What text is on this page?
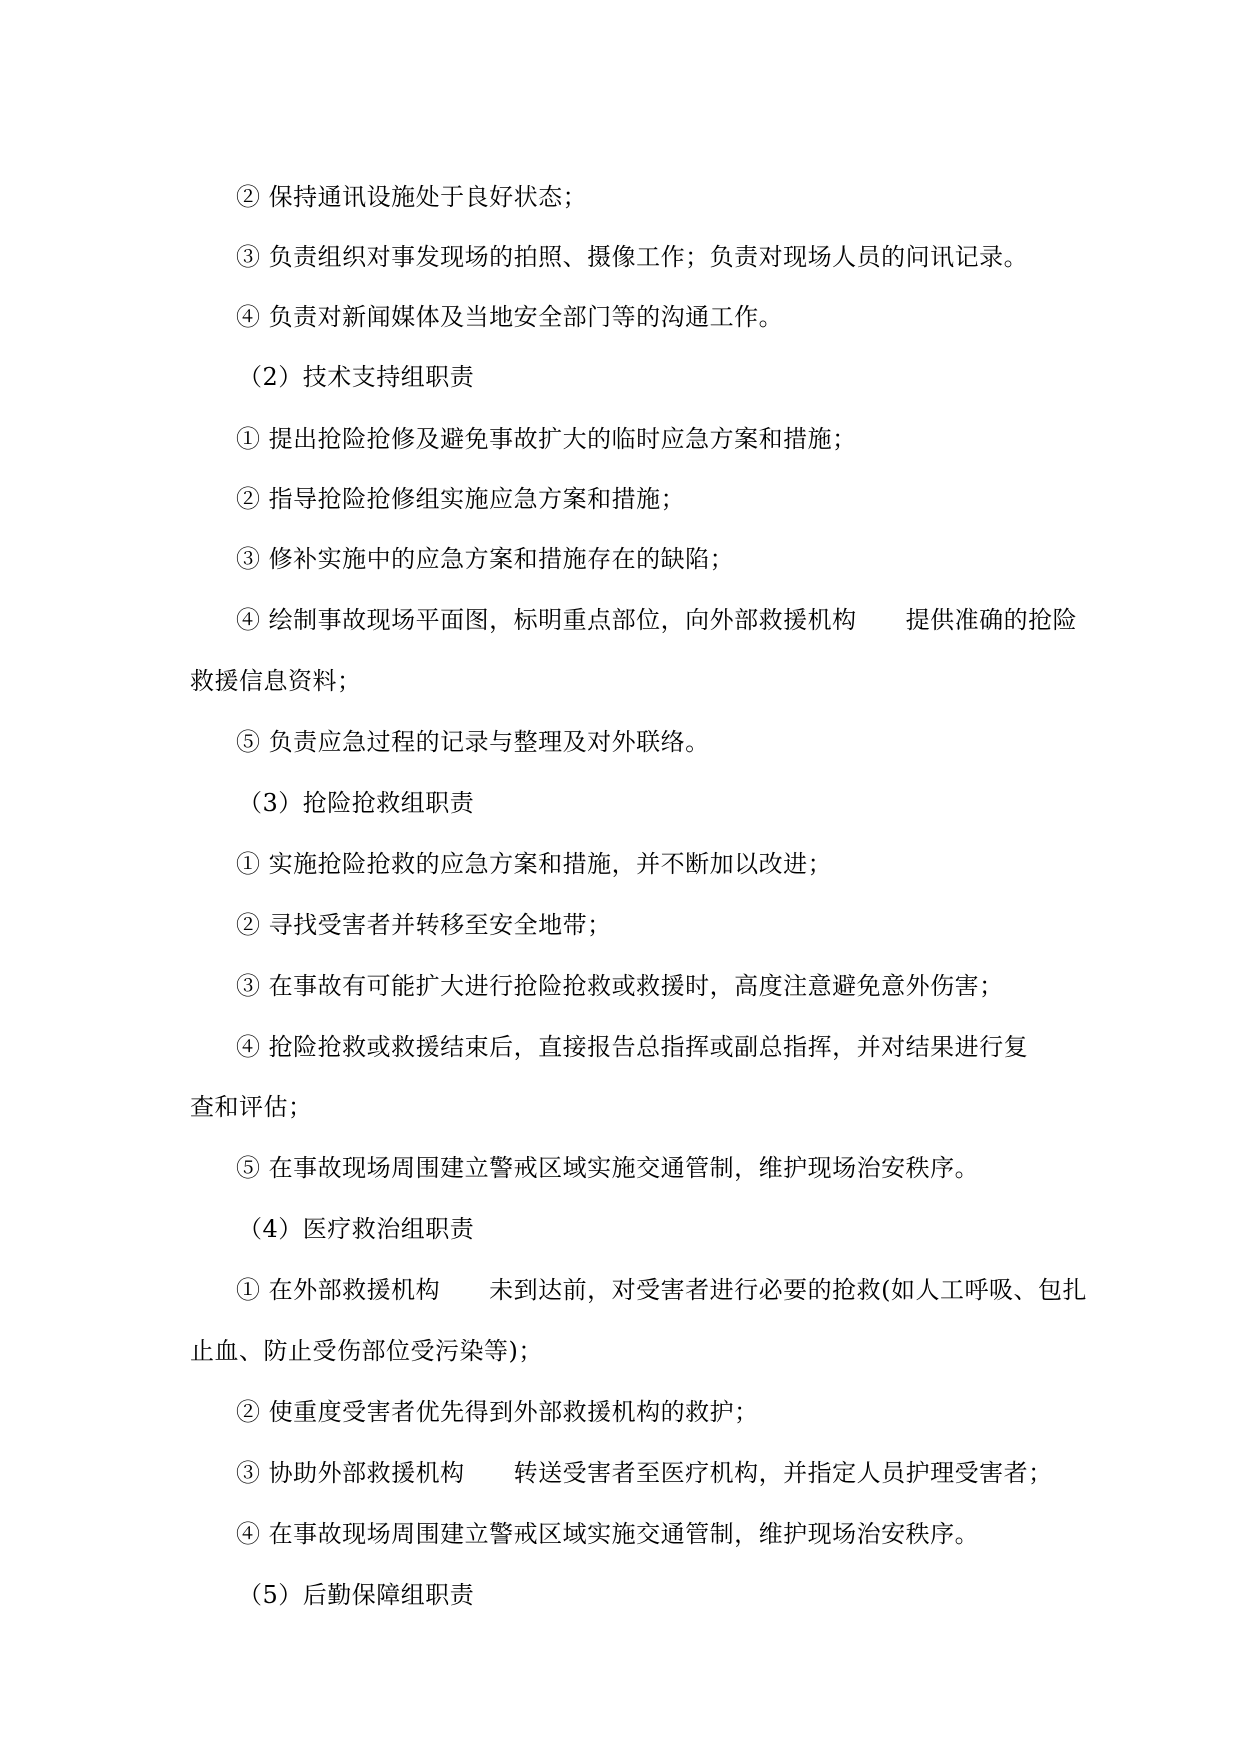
② 保持通讯设施处于良好状态；
③ 负责组织对事发现场的拍照、摄像工作；负责对现场人员的问讯记录。
④ 负责对新闻媒体及当地安全部门等的沟通工作。
（2）技术支持组职责
① 提出抢险抢修及避免事故扩大的临时应急方案和措施；
② 指导抢险抢修组实施应急方案和措施；
③ 修补实施中的应急方案和措施存在的缺陷；
④ 绘制事故现场平面图，标明重点部位，向外部救援机构　　提供准确的抢险
救援信息资料；
⑤ 负责应急过程的记录与整理及对外联络。
（3）抢险抢救组职责
① 实施抢险抢救的应急方案和措施，并不断加以改进；
② 寻找受害者并转移至安全地带；
③ 在事故有可能扩大进行抢险抢救或救援时，高度注意避免意外伤害；
④ 抢险抢救或救援结束后，直接报告总指挥或副总指挥，并对结果进行复
查和评估；
⑤ 在事故现场周围建立警戒区域实施交通管制，维护现场治安秩序。
（4）医疗救治组职责
① 在外部救援机构　　未到达前，对受害者进行必要的抢救(如人工呼吸、包扎
止血、防止受伤部位受污染等)；
② 使重度受害者优先得到外部救援机构的救护；
③ 协助外部救援机构　　转送受害者至医疗机构，并指定人员护理受害者；
④ 在事故现场周围建立警戒区域实施交通管制，维护现场治安秩序。
（5）后勤保障组职责
